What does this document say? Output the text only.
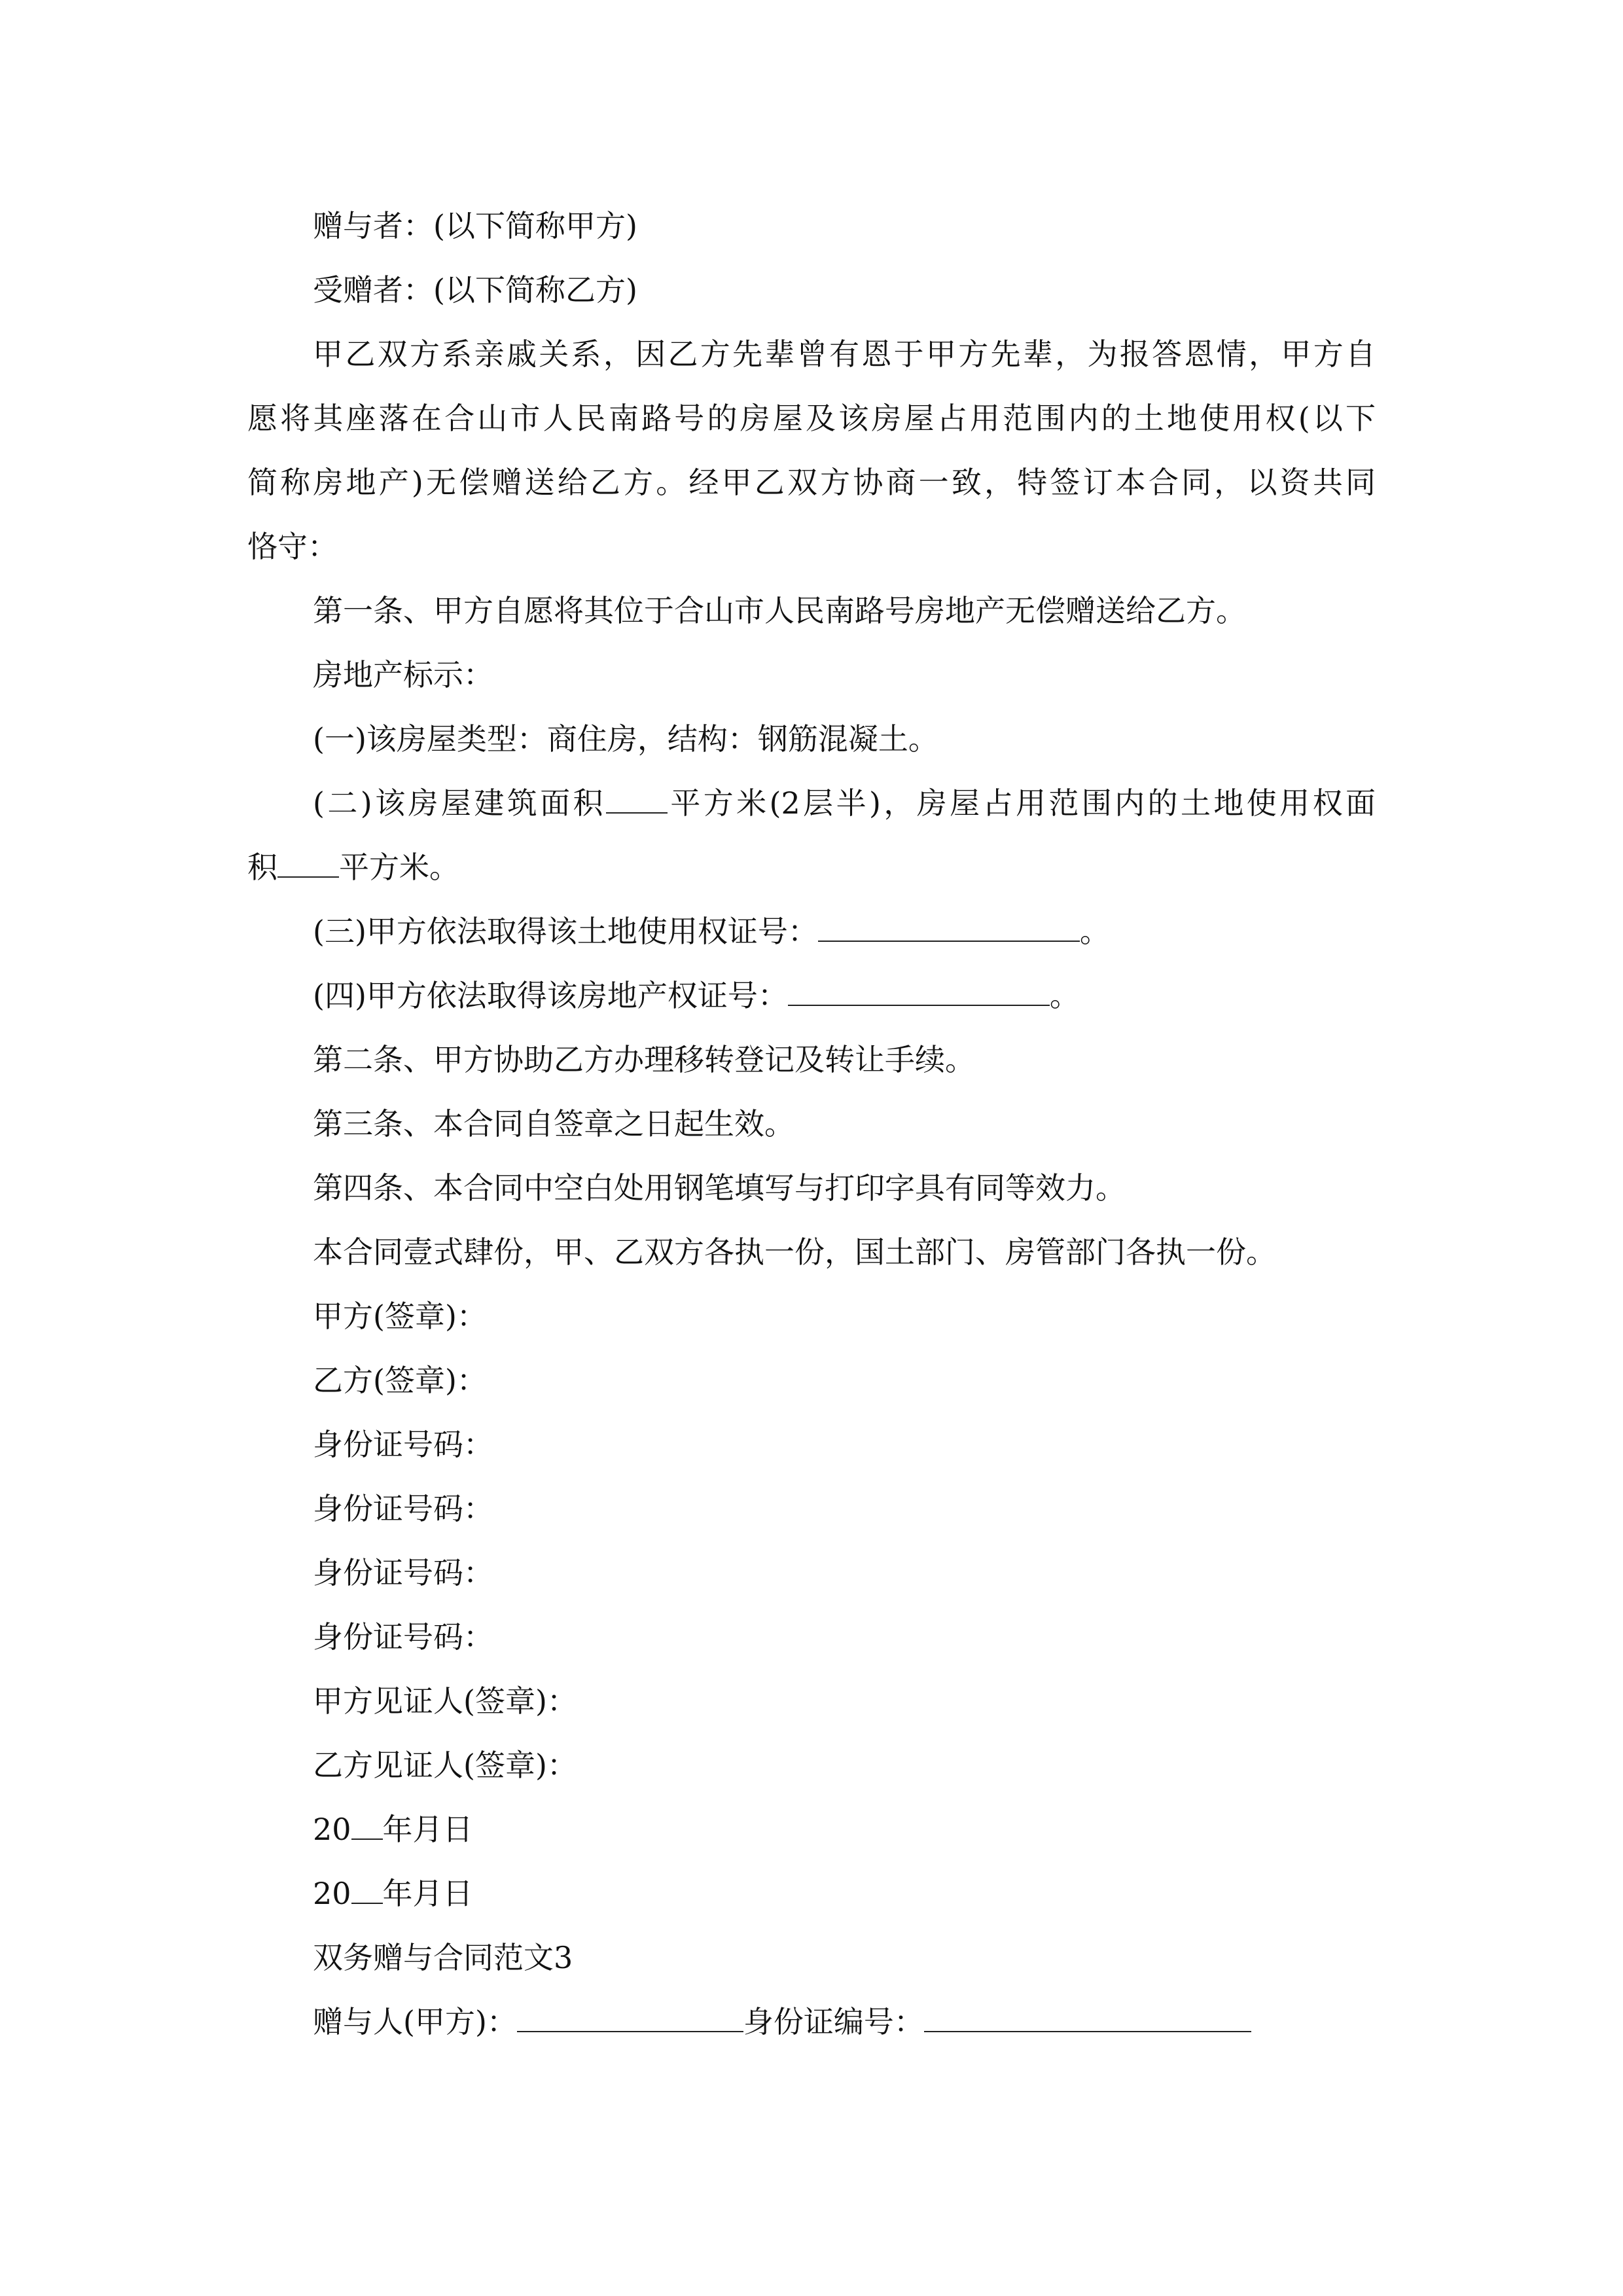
赠与者：(以下简称甲方)
受赠者：(以下简称乙方)
甲乙双方系亲戚关系，因乙方先辈曾有恩于甲方先辈，为报答恩情，甲方自
愿将其座落在合山市人民南路号的房屋及该房屋占用范围内的土地使用权(以下
简称房地产)无偿赠送给乙方。经甲乙双方协商一致，特签订本合同，以资共同
恪守：
第一条、甲方自愿将其位于合山市人民南路号房地产无偿赠送给乙方。
房地产标示：
(一)该房屋类型：商住房，结构：钢筋混凝土。
(二)该房屋建筑面积 平方米(2层半)，房屋占用范围内的土地使用权面
积 平方米。
(三)甲方依法取得该土地使用权证号：	。
(四)甲方依法取得该房地产权证号：	。
第二条、甲方协助乙方办理移转登记及转让手续。
第三条、本合同自签章之日起生效。
第四条、本合同中空白处用钢笔填写与打印字具有同等效力。
本合同壹式肆份，甲、乙双方各执一份，国土部门、房管部门各执一份。
甲方(签章)：
乙方(签章)：
身份证号码：
身份证号码：
身份证号码：
身份证号码：
甲方见证人(签章)：
乙方见证人(签章)：
20 年月日
20 年月日
双务赠与合同范文3
赠与人(甲方)：	身份证编号：
